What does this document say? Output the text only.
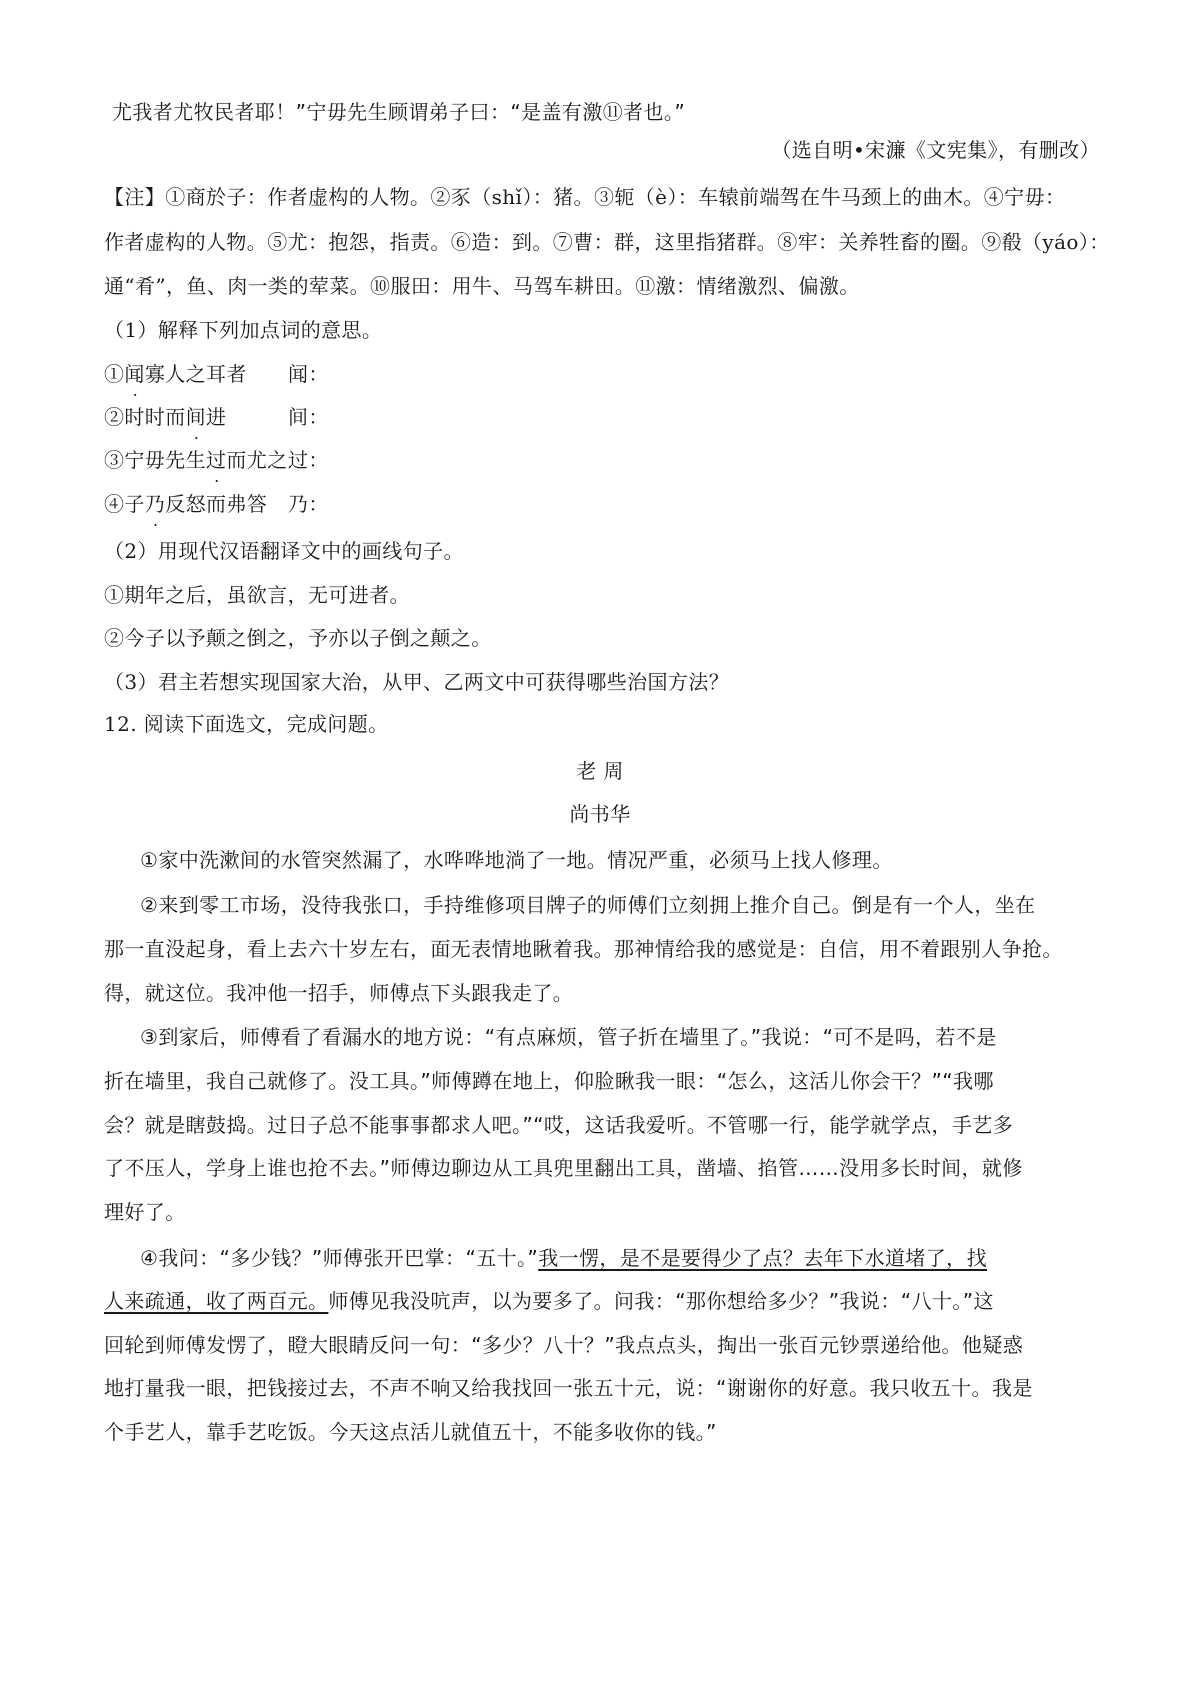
尤我者尤牧民者耶！”宁毋先生顾谓弟子曰：“是盖有激⑪者也。”
（选自明•宋濂《文宪集》，有删改）
【注】①商於子：作者虚构的人物。②豕（shǐ）：猪。③轭（è）：车辕前端驾在牛马颈上的曲木。④宁毋：
作者虚构的人物。⑤尤：抱怨，指责。⑥造：到。⑦曹：群，这里指猪群。⑧牢：关养牲畜的圈。⑨殽（yáo）：
通“肴”，鱼、肉一类的荤菜。⑩服田：用牛、马驾车耕田。⑪激：情绪激烈、偏激。
（1）解释下列加点词的意思。
①闻寡人之耳者 闻：
②时时而间进	间：
③宁毋先生过而尤之 过：
④子乃反怒而弗答 乃：
（2）用现代汉语翻译文中的画线句子。
①期年之后，虽欲言，无可进者。
②今子以予颠之倒之，予亦以子倒之颠之。
（3）君主若想实现国家大治，从甲、乙两文中可获得哪些治国方法？
12. 阅读下面选文，完成问题。
老 周
尚书华
①家中洗漱间的水管突然漏了，水哗哗地淌了一地。情况严重，必须马上找人修理。
②来到零工市场，没待我张口，手持维修项目牌子的师傅们立刻拥上推介自己。倒是有一个人，坐在
那一直没起身，看上去六十岁左右，面无表情地瞅着我。那神情给我的感觉是：自信，用不着跟别人争抢。
得，就这位。我冲他一招手，师傅点下头跟我走了。
③到家后，师傅看了看漏水的地方说：“有点麻烦，管子折在墙里了。”我说：“可不是吗，若不是
折在墙里，我自己就修了。没工具。”师傅蹲在地上，仰脸瞅我一眼：“怎么，这活儿你会干？”“我哪
会？就是瞎鼓捣。过日子总不能事事都求人吧。”“哎，这话我爱听。不管哪一行，能学就学点，手艺多
了不压人，学身上谁也抢不去。”师傅边聊边从工具兜里翻出工具，凿墙、掐管……没用多长时间，就修
理好了。
④我问：“多少钱？”师傅张开巴掌：“五十。”我一愣，是不是要得少了点？去年下水道堵了，找
人来疏通，收了两百元。师傅见我没吭声，以为要多了。问我：“那你想给多少？”我说：“八十。”这
回轮到师傅发愣了，瞪大眼睛反问一句：“多少？八十？”我点点头，掏出一张百元钞票递给他。他疑惑
地打量我一眼，把钱接过去，不声不响又给我找回一张五十元，说：“谢谢你的好意。我只收五十。我是
个手艺人，靠手艺吃饭。今天这点活儿就值五十，不能多收你的钱。”
